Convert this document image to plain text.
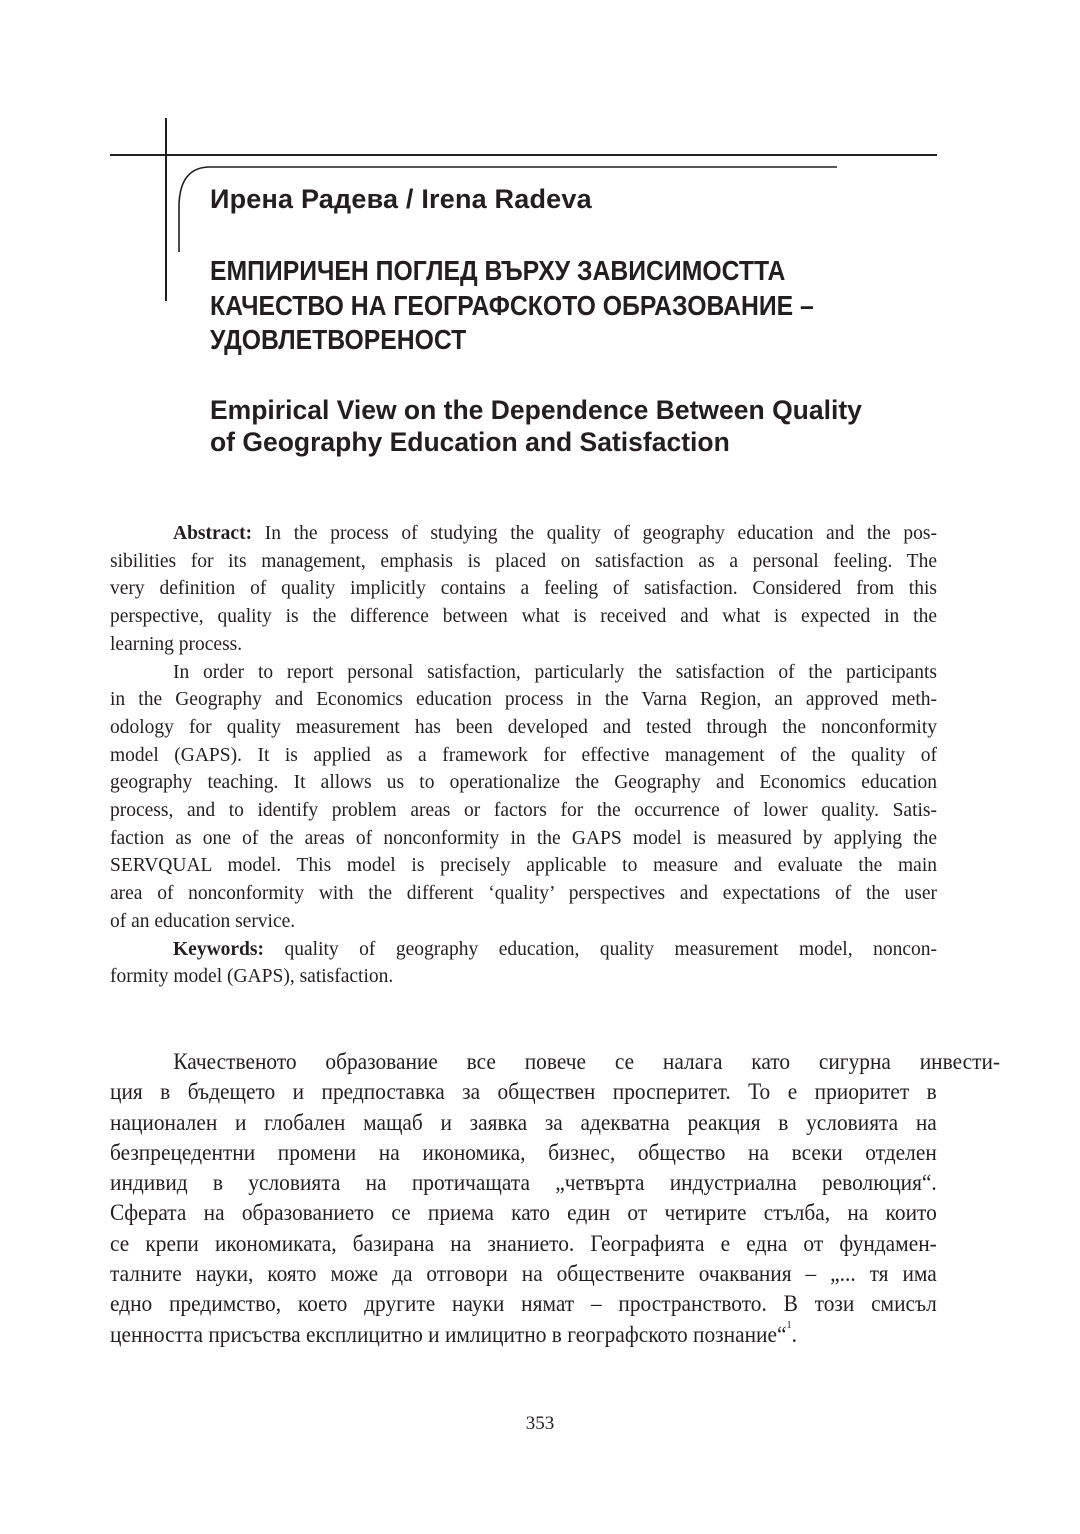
Ирена Радева / Irena Radeva
ЕМПИРИЧЕН ПОГЛЕД ВЪРХУ ЗАВИСИМОСТТА
КАЧЕСТВО НА ГЕОГРАФСКОТО ОБРАЗОВАНИЕ –
УДОВЛЕТВОРЕНОСТ
Empirical View on the Dependence Between Quality
of Geography Education and Satisfaction
Abstract: In the process of studying the quality of geography education and the pos-
sibilities for its management, emphasis is placed on satisfaction as a personal feeling. The
very definition of quality implicitly contains a feeling of satisfaction. Considered from this
perspective, quality is the difference between what is received and what is expected in the
learning process.
In order to report personal satisfaction, particularly the satisfaction of the participants
in the Geography and Economics education process in the Varna Region, an approved meth-
odology for quality measurement has been developed and tested through the nonconformity
model (GAPS). It is applied as a framework for effective management of the quality of
geography teaching. It allows us to operationalize the Geography and Economics education
process, and to identify problem areas or factors for the occurrence of lower quality. Satis-
faction as one of the areas of nonconformity in the GAPS model is measured by applying the
SERVQUAL model. This model is precisely applicable to measure and evaluate the main
area of nonconformity with the different ‘quality’ perspectives and expectations of the user
of an education service.
Keywords: quality of geography education, quality measurement model, noncon-
formity model (GAPS), satisfaction.
Качественото образование все повече се налага като сигурна инвести-
ция в бъдещето и предпоставка за обществен просперитет. То е приоритет в
национален и глобален мащаб и заявка за адекватна реакция в условията на
безпрецедентни промени на икономика, бизнес, общество на всеки отделен
индивид в условията на протичащата „четвърта индустриална революция“.
Сферата на образованието се приема като един от четирите стълба, на които
се крепи икономиката, базирана на знанието. Географията е една от фундамен-
талните науки, която може да отговори на обществените очаквания – „... тя има
едно предимство, което другите науки нямат – пространството. В този смисъл
ценността присъства експлицитно и имлицитно в географското познание“$^1$.
353
